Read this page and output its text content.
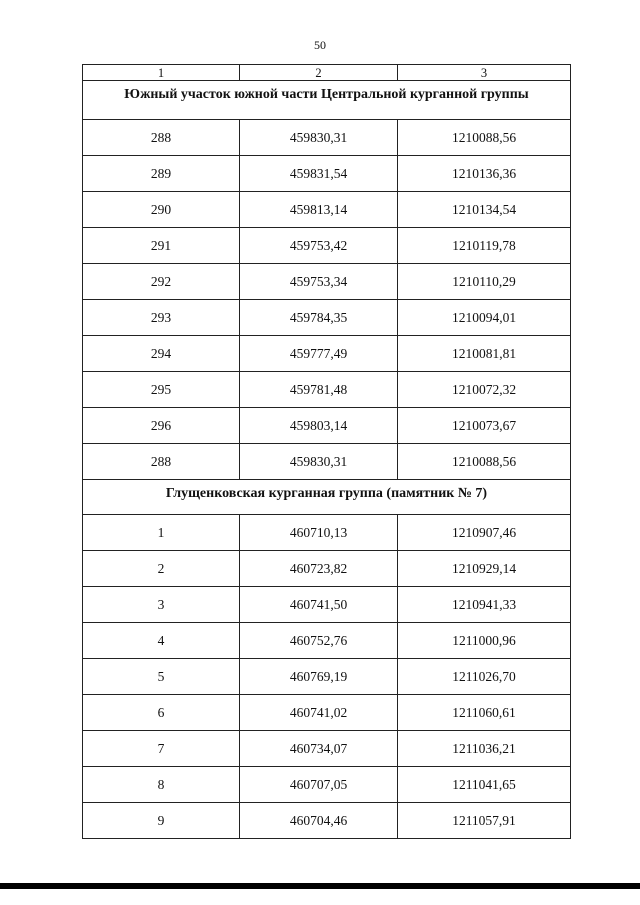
50
1	2	3
Южный участок южной части Центральной курганной группы		
288	459830,31	1210088,56
289	459831,54	1210136,36
290	459813,14	1210134,54
291	459753,42	1210119,78
292	459753,34	1210110,29
293	459784,35	1210094,01
294	459777,49	1210081,81
295	459781,48	1210072,32
296	459803,14	1210073,67
288	459830,31	1210088,56
Глущенковская курганная группа (памятник № 7)		
1	460710,13	1210907,46
2	460723,82	1210929,14
3	460741,50	1210941,33
4	460752,76	1211000,96
5	460769,19	1211026,70
6	460741,02	1211060,61
7	460734,07	1211036,21
8	460707,05	1211041,65
9	460704,46	1211057,91
